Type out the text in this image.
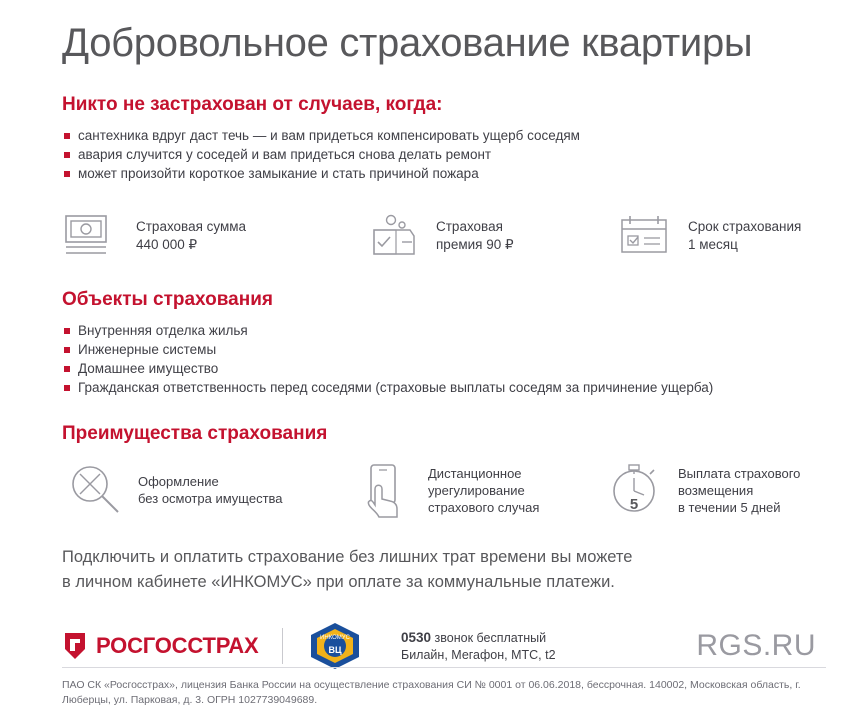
Добровольное страхование квартиры

Никто не застрахован от случаев, когда:

сантехника вдруг даст течь — и вам придеться компенсировать ущерб соседям
авария случится у соседей и вам придеться снова делать ремонт
может произойти короткое замыкание и стать причиной пожара
Страховая сумма
440 000 ₽
Страховая
премия 90 ₽
Срок страхования
1 месяц

Объекты страхования

Внутренняя отделка жилья
Инженерные системы
Домашнее имущество
Гражданская ответственность перед соседями (страховые выплаты соседям за причинение ущерба)

Преимущества страхования

Оформление
без осмотра имущества
Дистанционное
урегулирование
страхового случая	5
Выплата страхового
возмещения
в течении 5 дней
Подключить и оплатить страхование без лишних трат времени вы можете
в личном кабинете «ИНКОМУС» при оплате за коммунальные платежи.
РОСГОССТРАХ	ИНКОМУС
ВЦ
0530 звонок бесплатный
Билайн, Мегафон, МТС, t2	RGS.RU
ПАО СК «Росгосстрах», лицензия Банка России на осуществление страхования СИ № 0001 от 06.06.2018, бессрочная. 140002, Московская область, г. Люберцы, ул. Парковая, д. 3. ОГРН 1027739049689.
